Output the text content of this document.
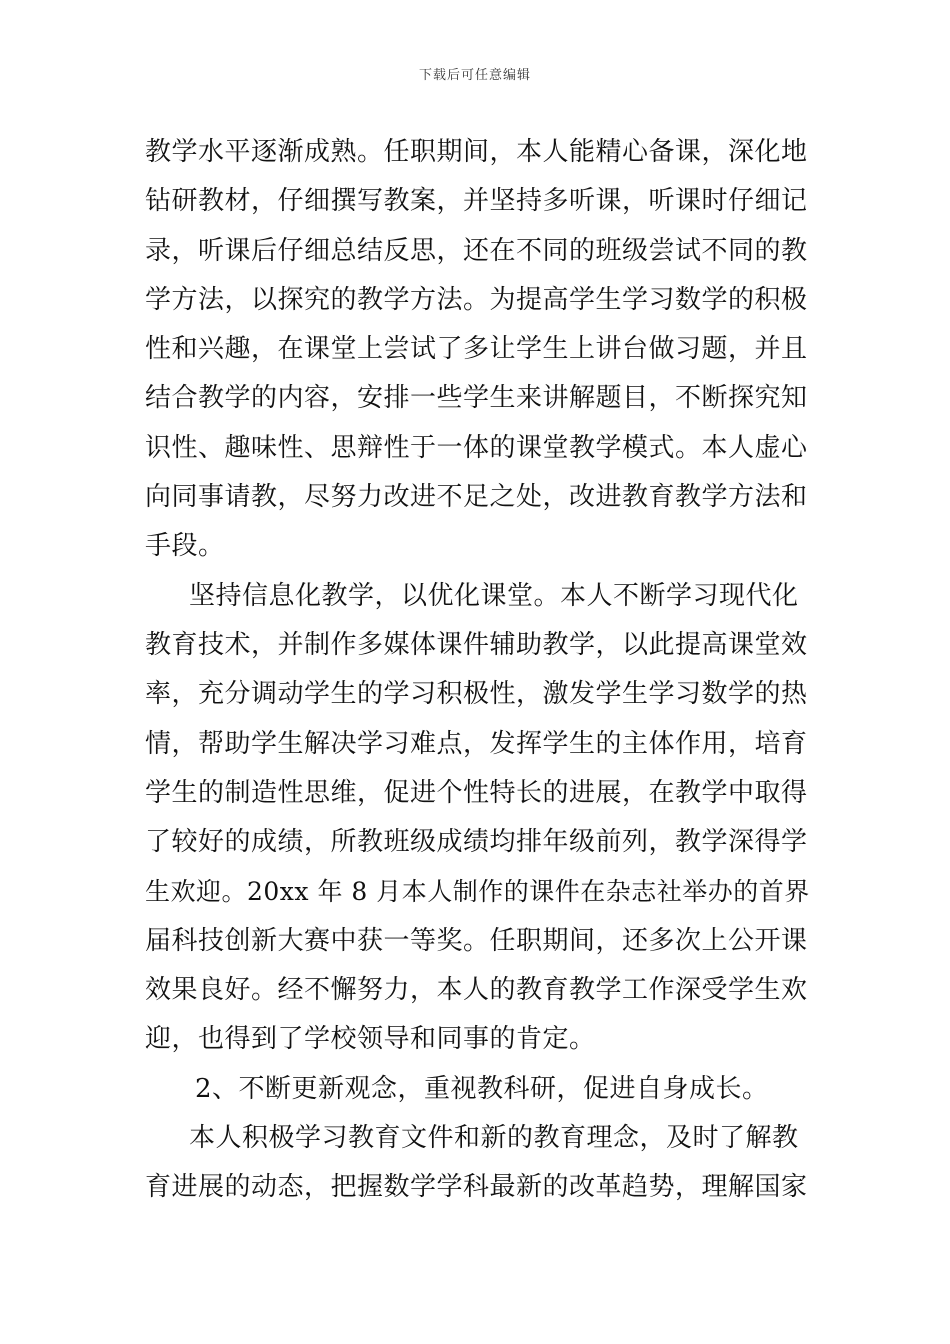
下载后可任意编辑
教学水平逐渐成熟。任职期间，本人能精心备课，深化地
钻研教材，仔细撰写教案，并坚持多听课，听课时仔细记
录，听课后仔细总结反思，还在不同的班级尝试不同的教
学方法，以探究的教学方法。为提高学生学习数学的积极
性和兴趣，在课堂上尝试了多让学生上讲台做习题，并且
结合教学的内容，安排一些学生来讲解题目，不断探究知
识性、趣味性、思辩性于一体的课堂教学模式。本人虚心
向同事请教，尽努力改进不足之处，改进教育教学方法和
手段。
坚持信息化教学，以优化课堂。本人不断学习现代化
教育技术，并制作多媒体课件辅助教学，以此提高课堂效
率，充分调动学生的学习积极性，激发学生学习数学的热
情，帮助学生解决学习难点，发挥学生的主体作用，培育
学生的制造性思维，促进个性特长的进展，在教学中取得
了较好的成绩，所教班级成绩均排年级前列，教学深得学
生欢迎。20xx 年 8 月本人制作的课件在杂志社举办的首界
届科技创新大赛中获一等奖。任职期间，还多次上公开课
效果良好。经不懈努力，本人的教育教学工作深受学生欢
迎，也得到了学校领导和同事的肯定。
2、不断更新观念，重视教科研，促进自身成长。
本人积极学习教育文件和新的教育理念，及时了解教
育进展的动态，把握数学学科最新的改革趋势，理解国家
